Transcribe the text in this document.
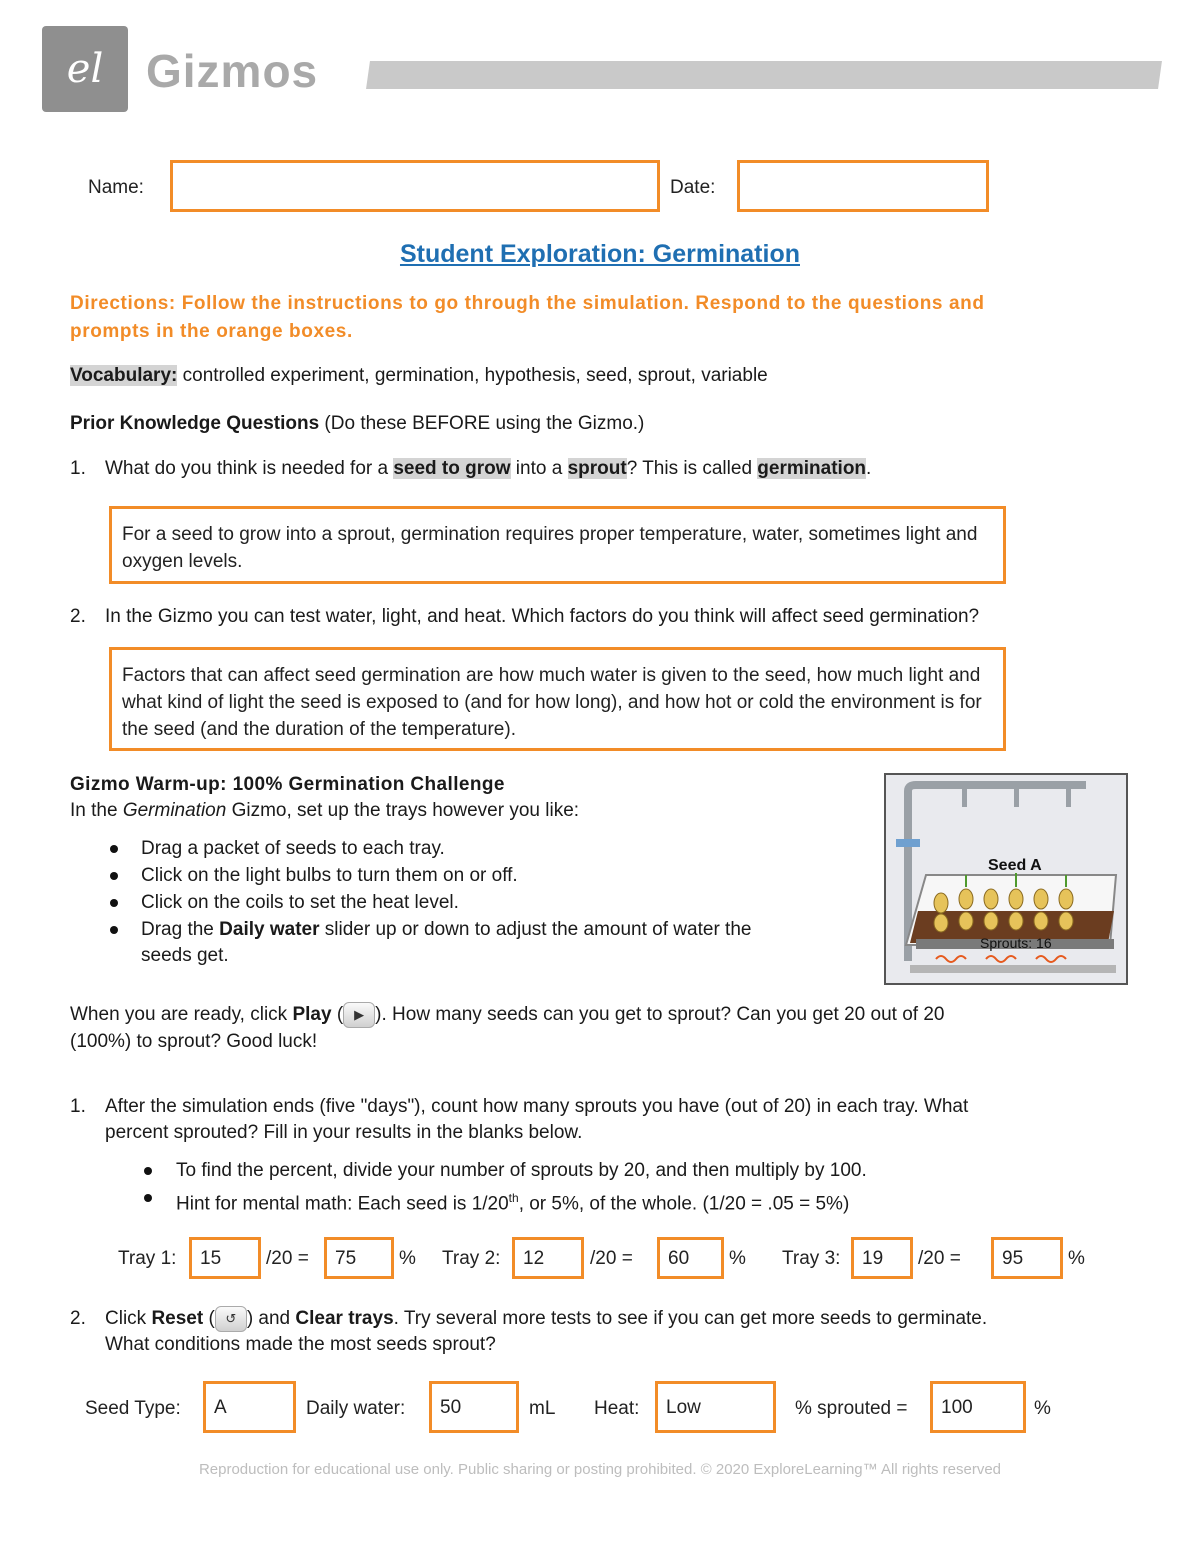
el Gizmos
Name:	Date:
Student Exploration: Germination
Directions: Follow the instructions to go through the simulation. Respond to the questions and prompts in the orange boxes.
Vocabulary: controlled experiment, germination, hypothesis, seed, sprout, variable
Prior Knowledge Questions (Do these BEFORE using the Gizmo.)
1. What do you think is needed for a seed to grow into a sprout? This is called germination.
For a seed to grow into a sprout, germination requires proper temperature, water, sometimes light and oxygen levels.
2. In the Gizmo you can test water, light, and heat. Which factors do you think will affect seed germination?
Factors that can affect seed germination are how much water is given to the seed, how much light and what kind of light the seed is exposed to (and for how long), and how hot or cold the environment is for the seed (and the duration of the temperature).
Gizmo Warm-up: 100% Germination Challenge
In the Germination Gizmo, set up the trays however you like:
Drag a packet of seeds to each tray.
Click on the light bulbs to turn them on or off.
Click on the coils to set the heat level.
Drag the Daily water slider up or down to adjust the amount of water the
seeds get.
Seed A
Sprouts: 16
When you are ready, click Play ( ▶ ). How many seeds can you get to sprout? Can you get 20 out of 20
(100%) to sprout? Good luck!
1. After the simulation ends (five "days"), count how many sprouts you have (out of 20) in each tray. What
percent sprouted? Fill in your results in the blanks below.
To find the percent, divide your number of sprouts by 20, and then multiply by 100.
Hint for mental math: Each seed is 1/20th, or 5%, of the whole. (1/20 = .05 = 5%)
Tray 1:	15	/20 =	75	% Tray 2:	12	/20 =	60	% Tray 3:	19	/20 =	95	%
2. Click Reset ( ↺ ) and Clear trays. Try several more tests to see if you can get more seeds to germinate.
What conditions made the most seeds sprout?
Seed Type:	A	Daily water:	50	mL Heat:	Low	% sprouted =	100	%
Reproduction for educational use only. Public sharing or posting prohibited. © 2020 ExploreLearning™ All rights reserved
